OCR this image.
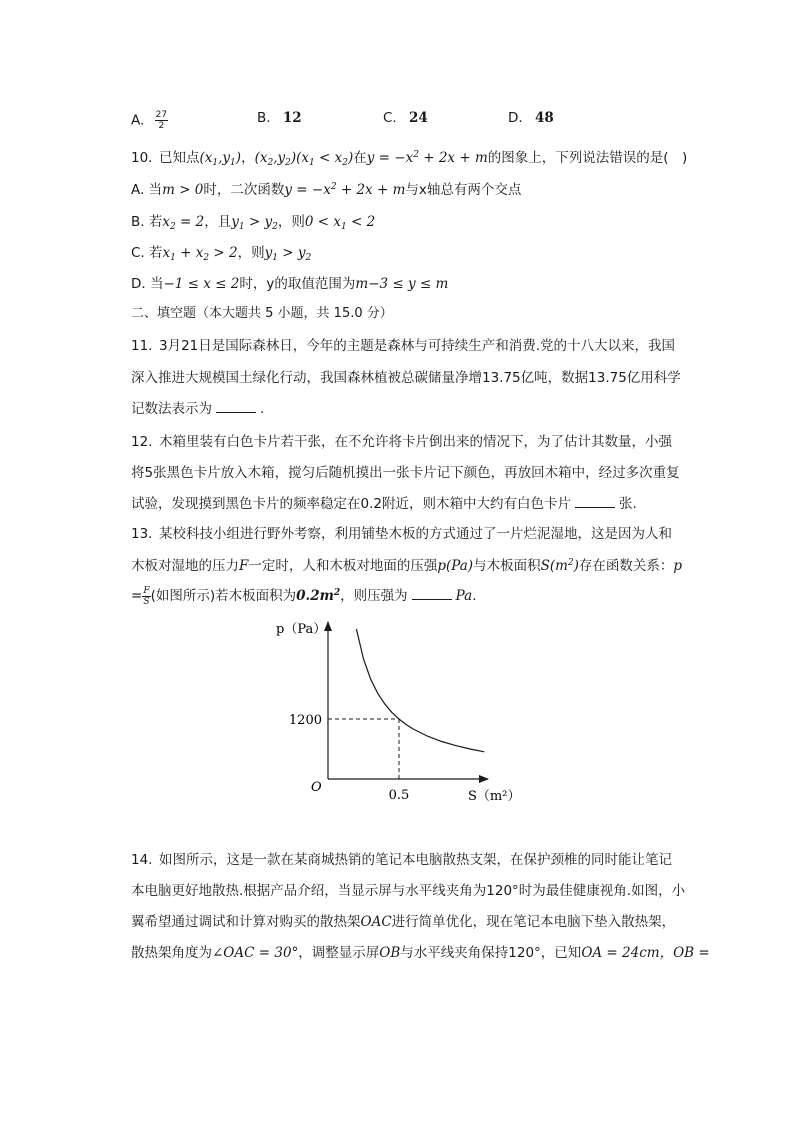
A. $\frac{27}{2}$	B. 12	C. 24	D. 48
10. 已知点$(x_1,y_1)$，$(x_2,y_2)(x_1 < x_2)$在$y = -x^2 + 2x + m$的图象上，下列说法错误的是(　)
A. 当m > 0时，二次函数$y = -x^2 + 2x + m$与x轴总有两个交点
B. 若$x_2 = 2$，且$y_1 > y_2$，则$0 < x_1 < 2$
C. 若$x_1 + x_2 > 2$，则$y_1 > y_2$
D. 当−1 ≤ x ≤ 2时，y的取值范围为m−3 ≤ y ≤ m
二、填空题（本大题共 5 小题，共 15.0 分）
11. 3月21日是国际森林日，今年的主题是森林与可持续生产和消费.党的十八大以来，我国
深入推进大规模国土绿化行动，我国森林植被总碳储量净增13.75亿吨，数据13.75亿用科学
记数法表示为	.
12. 木箱里装有白色卡片若干张，在不允许将卡片倒出来的情况下，为了估计其数量，小强
将5张黑色卡片放入木箱，搅匀后随机摸出一张卡片记下颜色，再放回木箱中，经过多次重复
试验，发现摸到黑色卡片的频率稳定在0.2附近，则木箱中大约有白色卡片	张.
13. 某校科技小组进行野外考察，利用铺垫木板的方式通过了一片烂泥湿地，这是因为人和
木板对湿地的压力F一定时，人和木板对地面的压强p(Pa)与木板面积$S(m^2)$存在函数关系：p
= $\frac{F}{S}$ (如图所示)若木板面积为$0.2m^2$，则压强为	Pa.
p（Pa）
S（m²）
O
1200
0.5
14. 如图所示，这是一款在某商城热销的笔记本电脑散热支架，在保护颈椎的同时能让笔记
本电脑更好地散热.根据产品介绍，当显示屏与水平线夹角为120°时为最佳健康视角.如图，小
翼希望通过调试和计算对购买的散热架OAC进行简单优化，现在笔记本电脑下垫入散热架，
散热架角度为∠OAC = 30°，调整显示屏OB与水平线夹角保持120°，已知OA = 24cm，OB =
